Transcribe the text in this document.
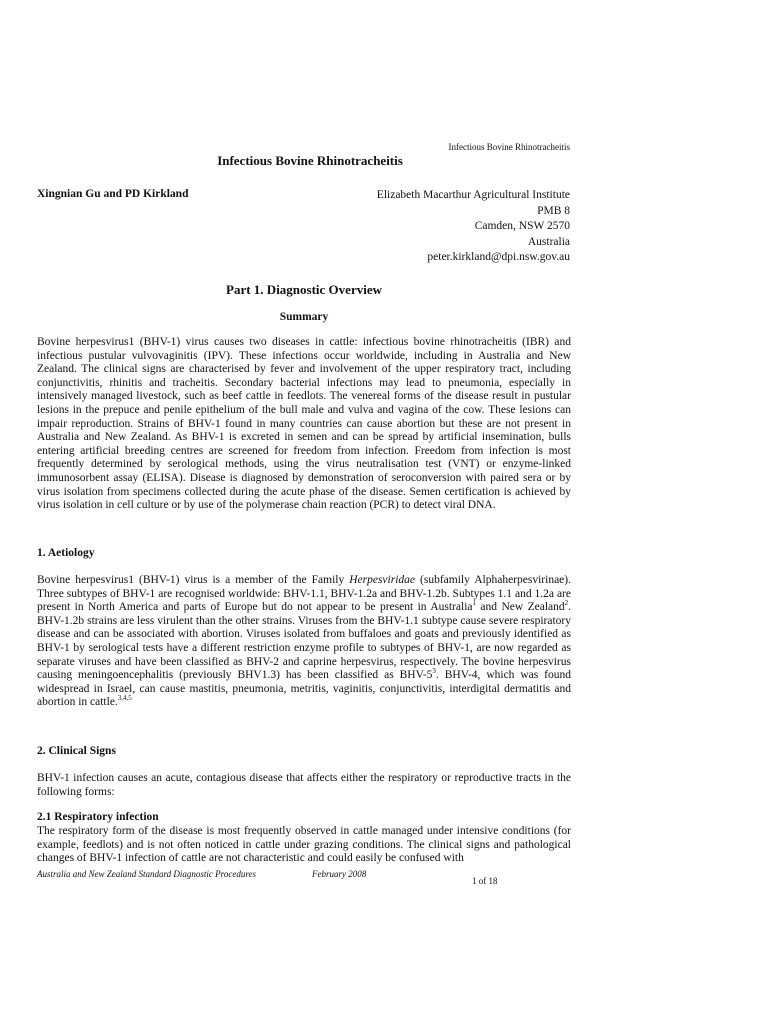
Infectious Bovine Rhinotracheitis
Infectious Bovine Rhinotracheitis
Xingnian Gu and PD Kirkland	Elizabeth Macarthur Agricultural Institute
PMB 8
Camden, NSW 2570
Australia
peter.kirkland@dpi.nsw.gov.au
Part 1. Diagnostic Overview
Summary

Bovine herpesvirus1 (BHV-1) virus causes two diseases in cattle: infectious bovine rhinotracheitis (IBR) and infectious pustular vulvovaginitis (IPV). These infections occur worldwide, including in Australia and New Zealand. The clinical signs are characterised by fever and involvement of the upper respiratory tract, including conjunctivitis, rhinitis and tracheitis. Secondary bacterial infections may lead to pneumonia, especially in intensively managed livestock, such as beef cattle in feedlots. The venereal forms of the disease result in pustular lesions in the prepuce and penile epithelium of the bull male and vulva and vagina of the cow. These lesions can impair reproduction. Strains of BHV-1 found in many countries can cause abortion but these are not present in Australia and New Zealand. As BHV-1 is excreted in semen and can be spread by artificial insemination, bulls entering artificial breeding centres are screened for freedom from infection. Freedom from infection is most frequently determined by serological methods, using the virus neutralisation test (VNT) or enzyme-linked immunosorbent assay (ELISA). Disease is diagnosed by demonstration of seroconversion with paired sera or by virus isolation from specimens collected during the acute phase of the disease. Semen certification is achieved by virus isolation in cell culture or by use of the polymerase chain reaction (PCR) to detect viral DNA.

1. Aetiology

Bovine herpesvirus1 (BHV-1) virus is a member of the Family Herpesviridae (subfamily Alphaherpesvirinae). Three subtypes of BHV-1 are recognised worldwide: BHV-1.1, BHV-1.2a and BHV-1.2b. Subtypes 1.1 and 1.2a are present in North America and parts of Europe but do not appear to be present in Australia$^1$ and New Zealand$^2$. BHV-1.2b strains are less virulent than the other strains. Viruses from the BHV-1.1 subtype cause severe respiratory disease and can be associated with abortion. Viruses isolated from buffaloes and goats and previously identified as BHV-1 by serological tests have a different restriction enzyme profile to subtypes of BHV-1, are now regarded as separate viruses and have been classified as BHV-2 and caprine herpesvirus, respectively. The bovine herpesvirus causing meningoencephalitis (previously BHV1.3) has been classified as BHV-$5^3$. BHV-4, which was found widespread in Israel, can cause mastitis, pneumonia, metritis, vaginitis, conjunctivitis, interdigital dermatitis and abortion in cattle.$^{3,4,5}$

2. Clinical Signs

BHV-1 infection causes an acute, contagious disease that affects either the respiratory or reproductive tracts in the following forms:

2.1 Respiratory infection

The respiratory form of the disease is most frequently observed in cattle managed under intensive conditions (for example, feedlots) and is not often noticed in cattle under grazing conditions. The clinical signs and pathological changes of BHV-1 infection of cattle are not characteristic and could easily be confused with

Australia and New Zealand Standard Diagnostic Procedures	February 2008
1 of 18
